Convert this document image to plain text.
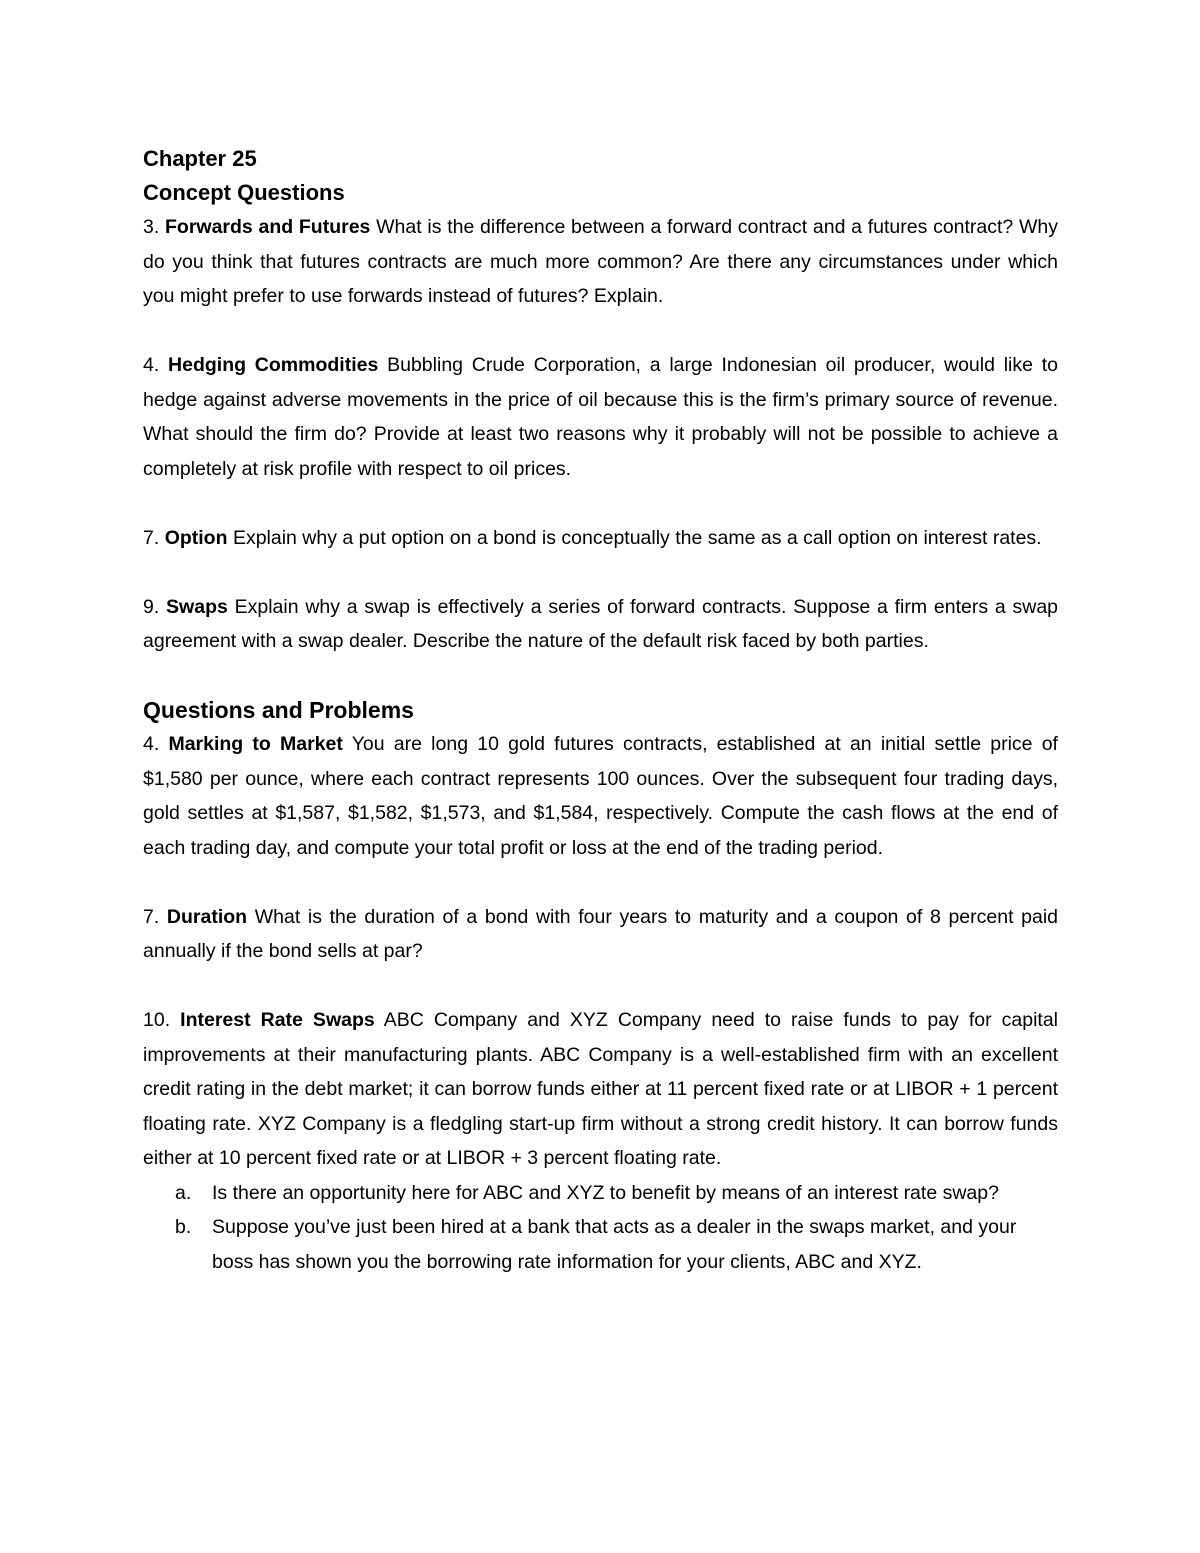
Chapter 25
Concept Questions

3. Forwards and Futures What is the difference between a forward contract and a futures contract? Why do you think that futures contracts are much more common? Are there any circumstances under which you might prefer to use forwards instead of futures? Explain.

4. Hedging Commodities Bubbling Crude Corporation, a large Indonesian oil producer, would like to hedge against adverse movements in the price of oil because this is the firm’s primary source of revenue. What should the firm do? Provide at least two reasons why it probably will not be possible to achieve a completely at risk profile with respect to oil prices.

7. Option Explain why a put option on a bond is conceptually the same as a call option on interest rates.

9. Swaps Explain why a swap is effectively a series of forward contracts. Suppose a firm enters a swap agreement with a swap dealer. Describe the nature of the default risk faced by both parties.

Questions and Problems

4. Marking to Market You are long 10 gold futures contracts, established at an initial settle price of $1,580 per ounce, where each contract represents 100 ounces. Over the subsequent four trading days, gold settles at $1,587, $1,582, $1,573, and $1,584, respectively. Compute the cash flows at the end of each trading day, and compute your total profit or loss at the end of the trading period.

7. Duration What is the duration of a bond with four years to maturity and a coupon of 8 percent paid annually if the bond sells at par?

10. Interest Rate Swaps ABC Company and XYZ Company need to raise funds to pay for capital improvements at their manufacturing plants. ABC Company is a well-established firm with an excellent credit rating in the debt market; it can borrow funds either at 11 percent fixed rate or at LIBOR + 1 percent floating rate. XYZ Company is a fledgling start-up firm without a strong credit history. It can borrow funds either at 10 percent fixed rate or at LIBOR + 3 percent floating rate.

a. Is there an opportunity here for ABC and XYZ to benefit by means of an interest rate swap?
b. Suppose you’ve just been hired at a bank that acts as a dealer in the swaps market, and your boss has shown you the borrowing rate information for your clients, ABC and XYZ.
